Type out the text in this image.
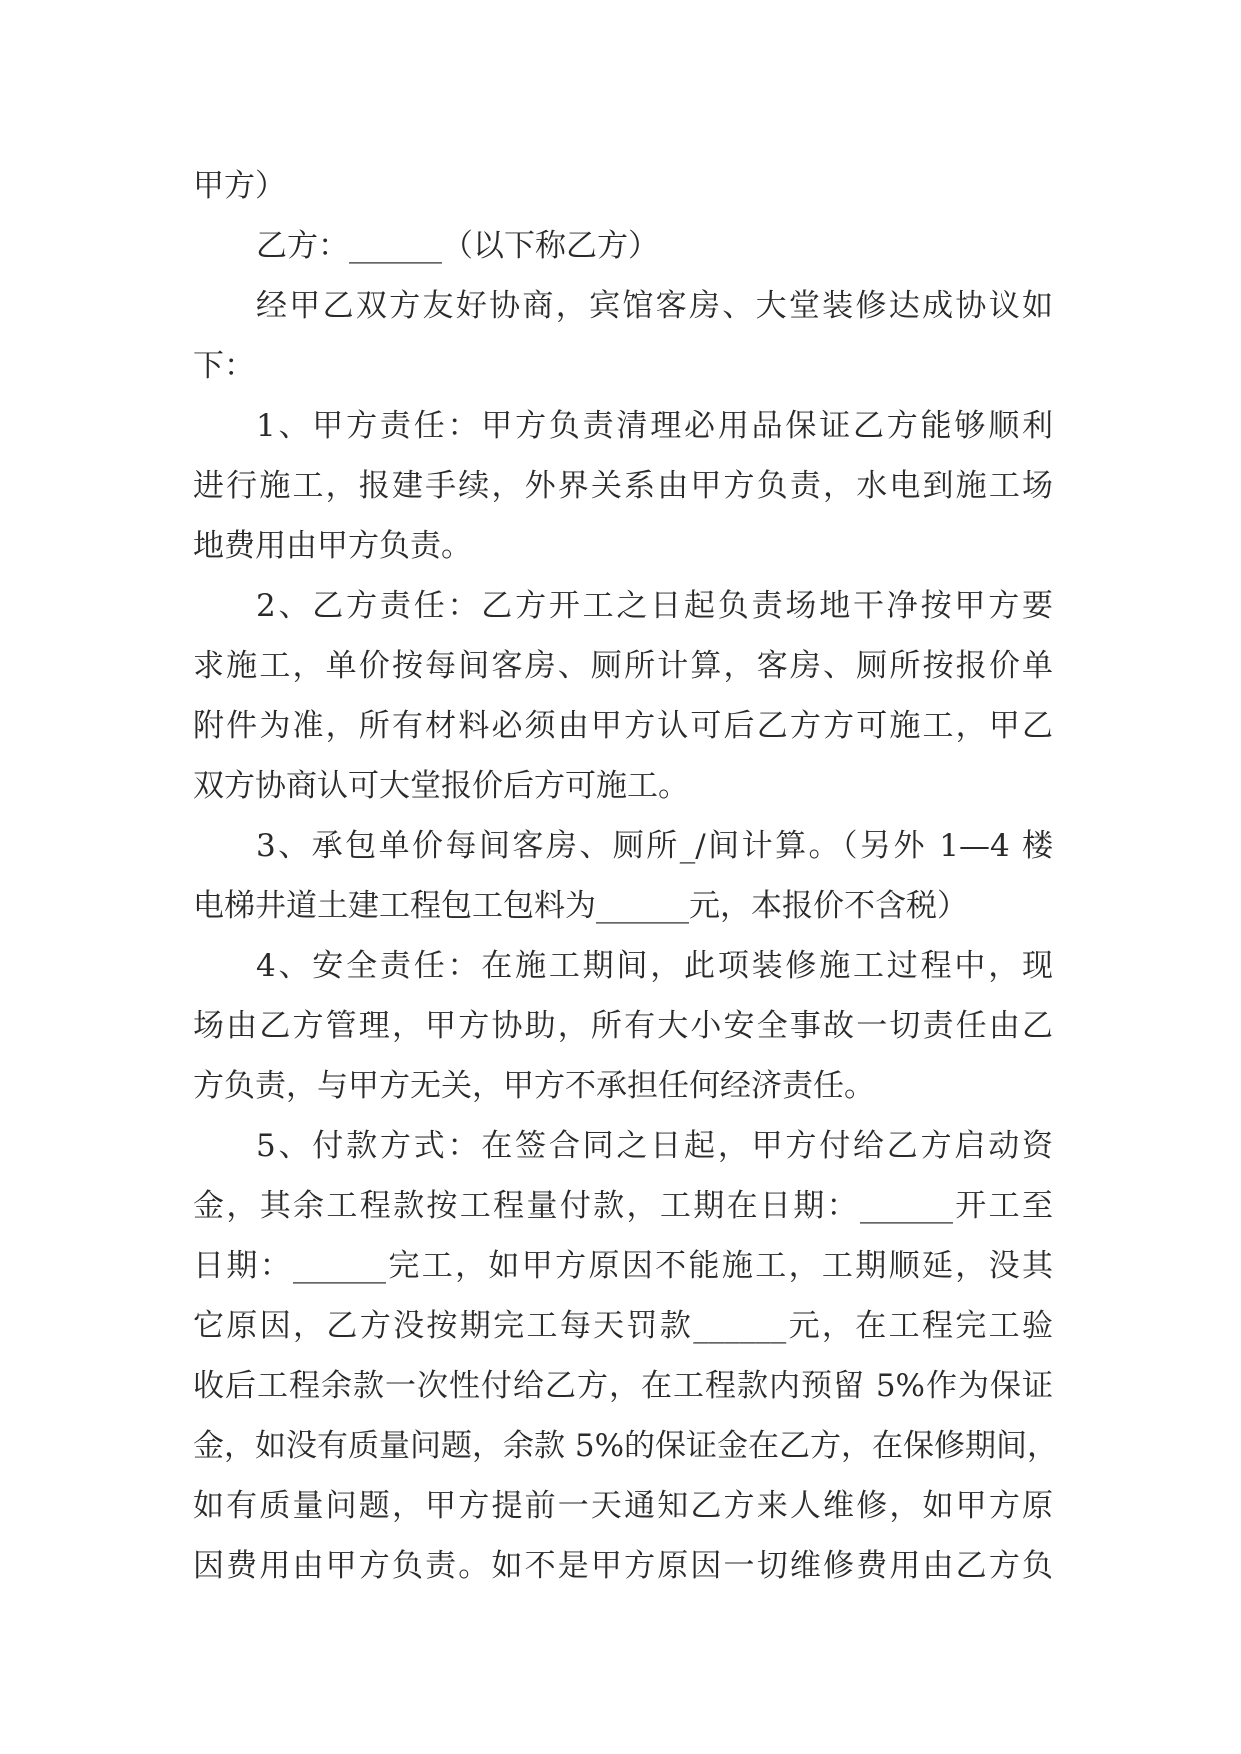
甲方）
乙方：______（以下称乙方）
经甲乙双方友好协商，宾馆客房、大堂装修达成协议如
下：
1、甲方责任：甲方负责清理必用品保证乙方能够顺利
进行施工，报建手续，外界关系由甲方负责，水电到施工场
地费用由甲方负责。
2、乙方责任：乙方开工之日起负责场地干净按甲方要
求施工，单价按每间客房、厕所计算，客房、厕所按报价单
附件为准，所有材料必须由甲方认可后乙方方可施工，甲乙
双方协商认可大堂报价后方可施工。
3、承包单价每间客房、厕所_/间计算。（另外 1—4 楼
电梯井道土建工程包工包料为______元，本报价不含税）
4、安全责任：在施工期间，此项装修施工过程中，现
场由乙方管理，甲方协助，所有大小安全事故一切责任由乙
方负责，与甲方无关，甲方不承担任何经济责任。
5、付款方式：在签合同之日起，甲方付给乙方启动资
金，其余工程款按工程量付款，工期在日期：______开工至
日期：______完工，如甲方原因不能施工，工期顺延，没其
它原因，乙方没按期完工每天罚款______元，在工程完工验
收后工程余款一次性付给乙方，在工程款内预留 5%作为保证
金，如没有质量问题，余款 5%的保证金在乙方，在保修期间，
如有质量问题，甲方提前一天通知乙方来人维修，如甲方原
因费用由甲方负责。如不是甲方原因一切维修费用由乙方负
